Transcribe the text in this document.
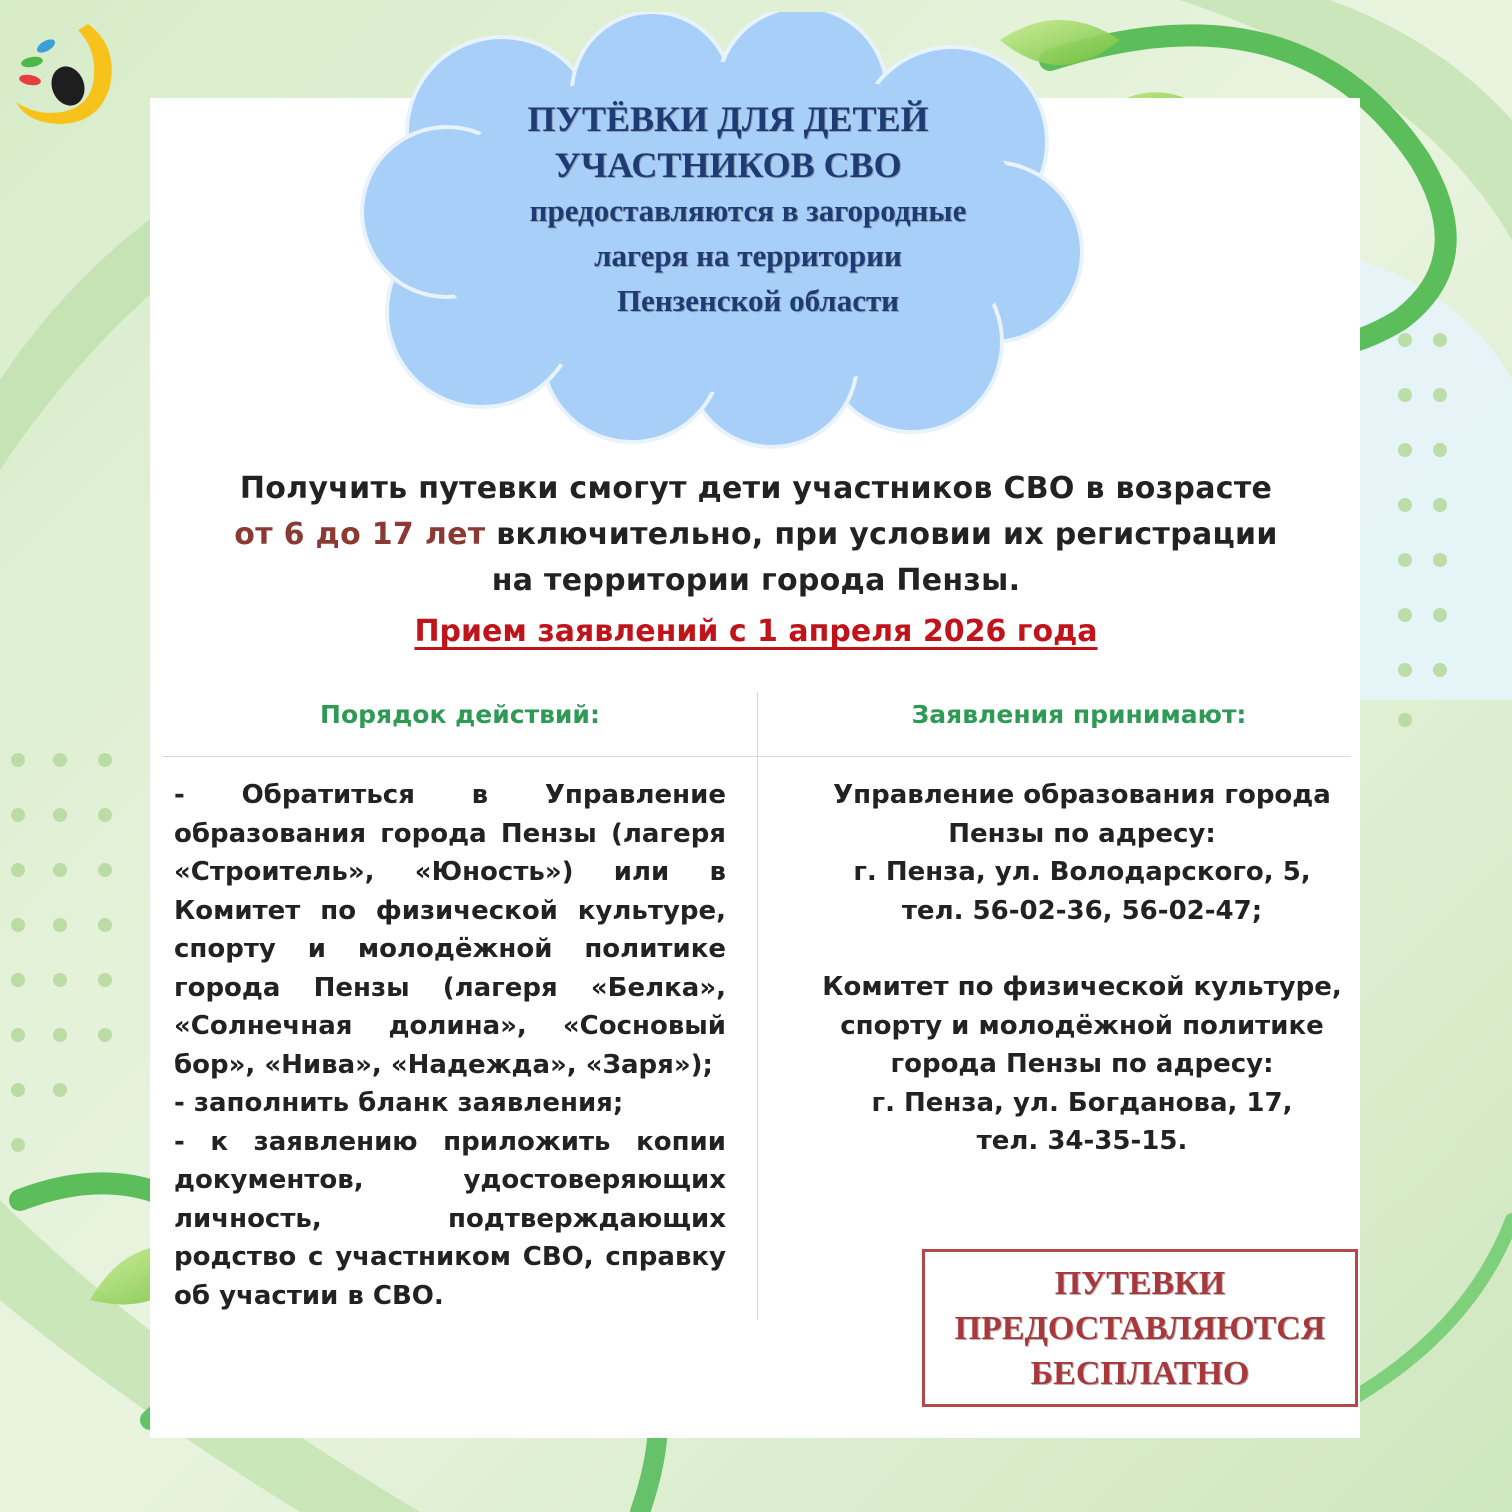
ПУТЁВКИ ДЛЯ ДЕТЕЙ
УЧАСТНИКОВ СВО
предоставляются в загородные
лагеря на территории
Пензенской области
Получить путевки смогут дети участников СВО в возрасте
от 6 до 17 лет включительно, при условии их регистрации
на территории города Пензы.
Прием заявлений с 1 апреля 2026 года
Порядок действий:	Заявления принимают:

- Обратиться в Управление образования города Пензы (лагеря «Строитель», «Юность») или в Комитет по физической культуре, спорту и молодёжной политике города Пензы (лагеря «Белка», «Солнечная долина», «Сосновый бор», «Нива», «Надежда», «Заря»);

- заполнить бланк заявления;

- к заявлению приложить копии документов, удостоверяющих личность, подтверждающих родство с участником СВО, справку об участии в СВО.

Управление образования города

Пензы по адресу:

г. Пенза, ул. Володарского, 5,

тел. 56-02-36, 56-02-47;

Комитет по физической культуре,

спорту и молодёжной политике

города Пензы по адресу:

г. Пенза, ул. Богданова, 17,

тел. 34-35-15.

ПУТЕВКИ
ПРЕДОСТАВЛЯЮТСЯ
БЕСПЛАТНО
